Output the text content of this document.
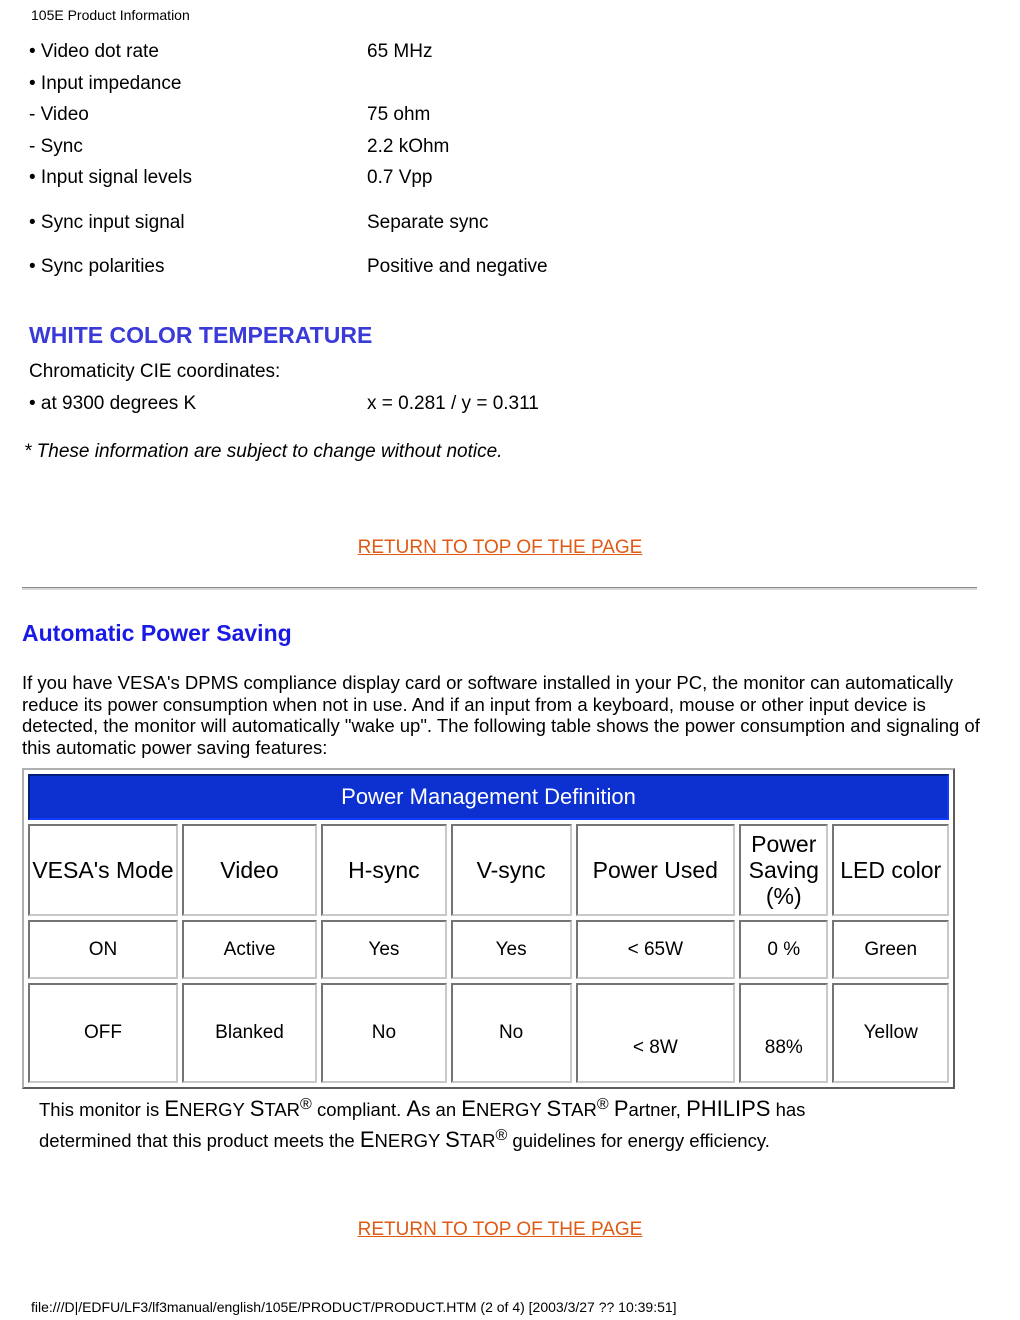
105E Product Information
• Video dot rate	65 MHz
• Input impedance
- Video	75 ohm
- Sync	2.2 kOhm
• Input signal levels	0.7 Vpp
• Sync input signal	Separate sync
• Sync polarities	Positive and negative
WHITE COLOR TEMPERATURE
Chromaticity CIE coordinates:
• at 9300 degrees K	x = 0.281 / y = 0.311
* These information are subject to change without notice.
RETURN TO TOP OF THE PAGE
Automatic Power Saving
If you have VESA's DPMS compliance display card or software installed in your PC, the monitor can automatically reduce its power consumption when not in use. And if an input from a keyboard, mouse or other input device is detected, the monitor will automatically "wake up". The following table shows the power consumption and signaling of this automatic power saving features:
Power Management Definition						
VESA's Mode	Video	H-sync	V-sync	Power Used	Power Saving (%)	LED color
ON	Active	Yes	Yes	< 65W	0 %	Green
OFF	Blanked	No	No	< 8W	88%	Yellow
This monitor is ENERGY STAR® compliant. As an ENERGY STAR® Partner, PHILIPS has
determined that this product meets the ENERGY STAR® guidelines for energy efficiency.
RETURN TO TOP OF THE PAGE
file:///D|/EDFU/LF3/lf3manual/english/105E/PRODUCT/PRODUCT.HTM (2 of 4) [2003/3/27 ?? 10:39:51]
